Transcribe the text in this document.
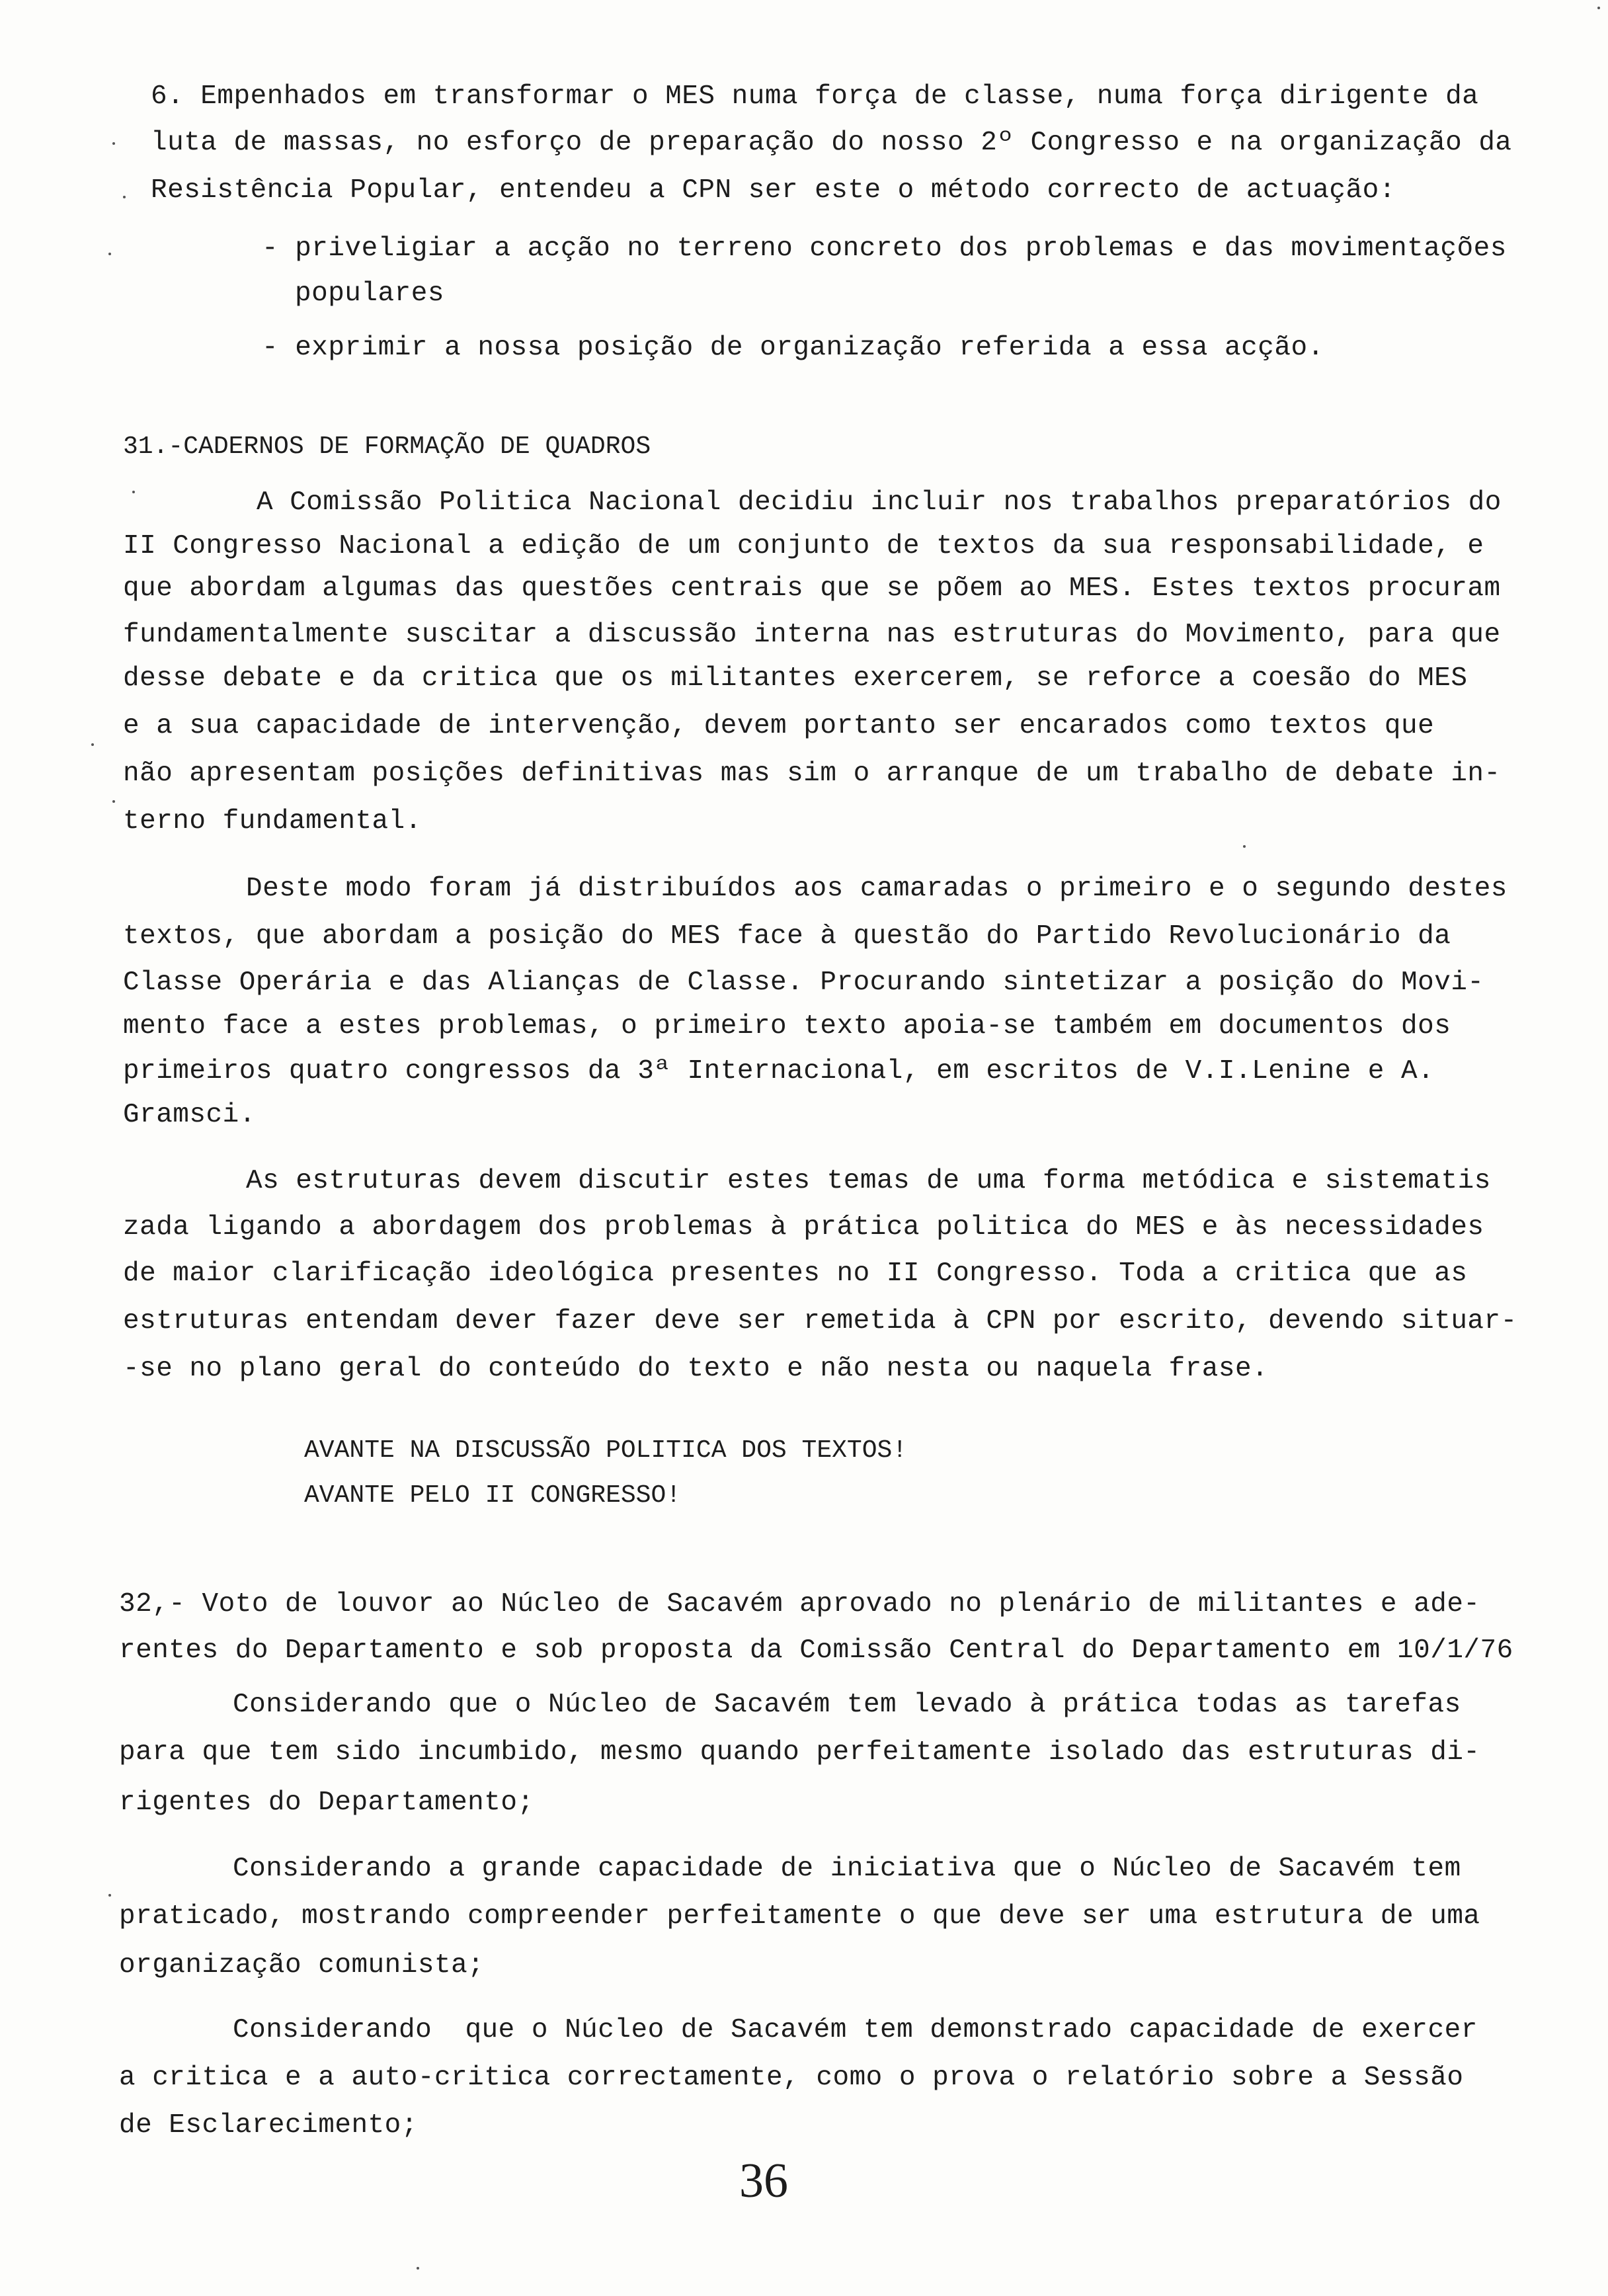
6. Empenhados em transformar o MES numa força de classe, numa força dirigente da
luta de massas, no esforço de preparação do nosso 2º Congresso e na organização da
Resistência Popular, entendeu a CPN ser este o método correcto de actuação:
- priveligiar a acção no terreno concreto dos problemas e das movimentações
populares
- exprimir a nossa posição de organização referida a essa acção.
31.-CADERNOS DE FORMAÇÃO DE QUADROS
A Comissão Politica Nacional decidiu incluir nos trabalhos preparatórios do
II Congresso Nacional a edição de um conjunto de textos da sua responsabilidade, e
que abordam algumas das questões centrais que se põem ao MES. Estes textos procuram
fundamentalmente suscitar a discussão interna nas estruturas do Movimento, para que
desse debate e da critica que os militantes exercerem, se reforce a coesão do MES
e a sua capacidade de intervenção, devem portanto ser encarados como textos que
não apresentam posições definitivas mas sim o arranque de um trabalho de debate in-
terno fundamental.
Deste modo foram já distribuídos aos camaradas o primeiro e o segundo destes
textos, que abordam a posição do MES face à questão do Partido Revolucionário da
Classe Operária e das Alianças de Classe. Procurando sintetizar a posição do Movi-
mento face a estes problemas, o primeiro texto apoia-se também em documentos dos
primeiros quatro congressos da 3ª Internacional, em escritos de V.I.Lenine e A.
Gramsci.
As estruturas devem discutir estes temas de uma forma metódica e sistematis
zada ligando a abordagem dos problemas à prática politica do MES e às necessidades
de maior clarificação ideológica presentes no II Congresso. Toda a critica que as
estruturas entendam dever fazer deve ser remetida à CPN por escrito, devendo situar-
-se no plano geral do conteúdo do texto e não nesta ou naquela frase.
AVANTE NA DISCUSSÃO POLITICA DOS TEXTOS!
AVANTE PELO II CONGRESSO!
32,- Voto de louvor ao Núcleo de Sacavém aprovado no plenário de militantes e ade-
rentes do Departamento e sob proposta da Comissão Central do Departamento em 10/1/76
Considerando que o Núcleo de Sacavém tem levado à prática todas as tarefas
para que tem sido incumbido, mesmo quando perfeitamente isolado das estruturas di-
rigentes do Departamento;
Considerando a grande capacidade de iniciativa que o Núcleo de Sacavém tem
praticado, mostrando compreender perfeitamente o que deve ser uma estrutura de uma
organização comunista;
Considerando  que o Núcleo de Sacavém tem demonstrado capacidade de exercer
a critica e a auto-critica correctamente, como o prova o relatório sobre a Sessão
de Esclarecimento;
36
